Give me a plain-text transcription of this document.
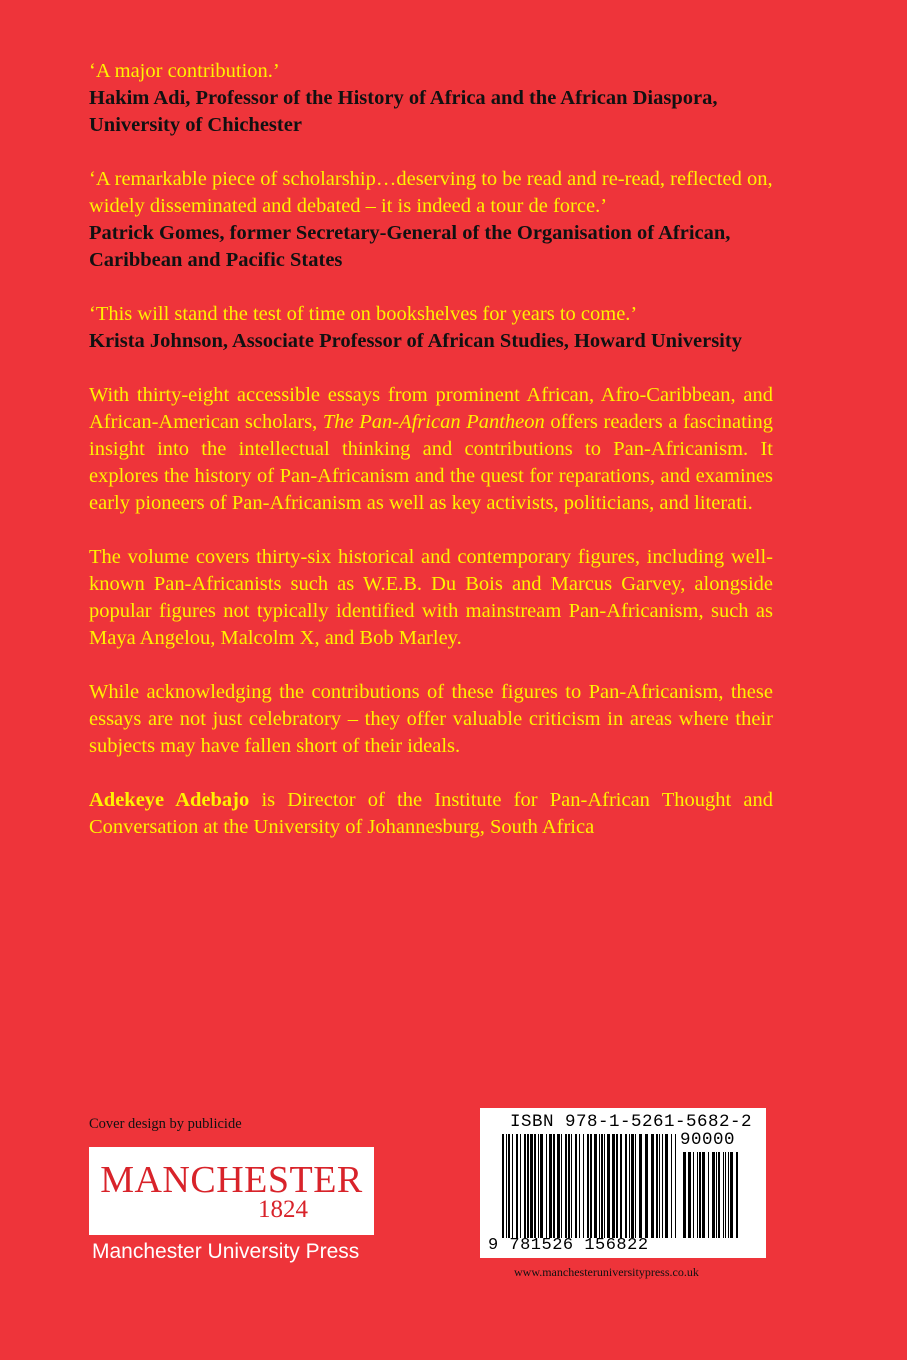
‘A major contribution.’

Hakim Adi, Professor of the History of Africa and the African Diaspora, University of Chichester

‘A remarkable piece of scholarship…deserving to be read and re-read, reflected on, widely disseminated and debated – it is indeed a tour de force.’

Patrick Gomes, former Secretary-General of the Organisation of African, Caribbean and Pacific States

‘This will stand the test of time on bookshelves for years to come.’

Krista Johnson, Associate Professor of African Studies, Howard University

With thirty-eight accessible essays from prominent African, Afro-Caribbean, and African-American scholars, The Pan-African Pantheon offers readers a fascinating insight into the intellectual thinking and contributions to Pan-Africanism. It explores the history of Pan-Africanism and the quest for reparations, and examines early pioneers of Pan-Africanism as well as key activists, politicians, and literati.

The volume covers thirty-six historical and contemporary figures, including well-known Pan-Africanists such as W.E.B. Du Bois and Marcus Garvey, alongside popular figures not typically identified with mainstream Pan-Africanism, such as Maya Angelou, Malcolm X, and Bob Marley.

While acknowledging the contributions of these figures to Pan-Africanism, these essays are not just celebratory – they offer valuable criticism in areas where their subjects may have fallen short of their ideals.

Adekeye Adebajo is Director of the Institute for Pan-African Thought and Conversation at the University of Johannesburg, South Africa

Cover design by publicide
MANCHESTER
1824
Manchester University Press
ISBN 978-1-5261-5682-2
90000
9 781526 156822
www.manchesteruniversitypress.co.uk
